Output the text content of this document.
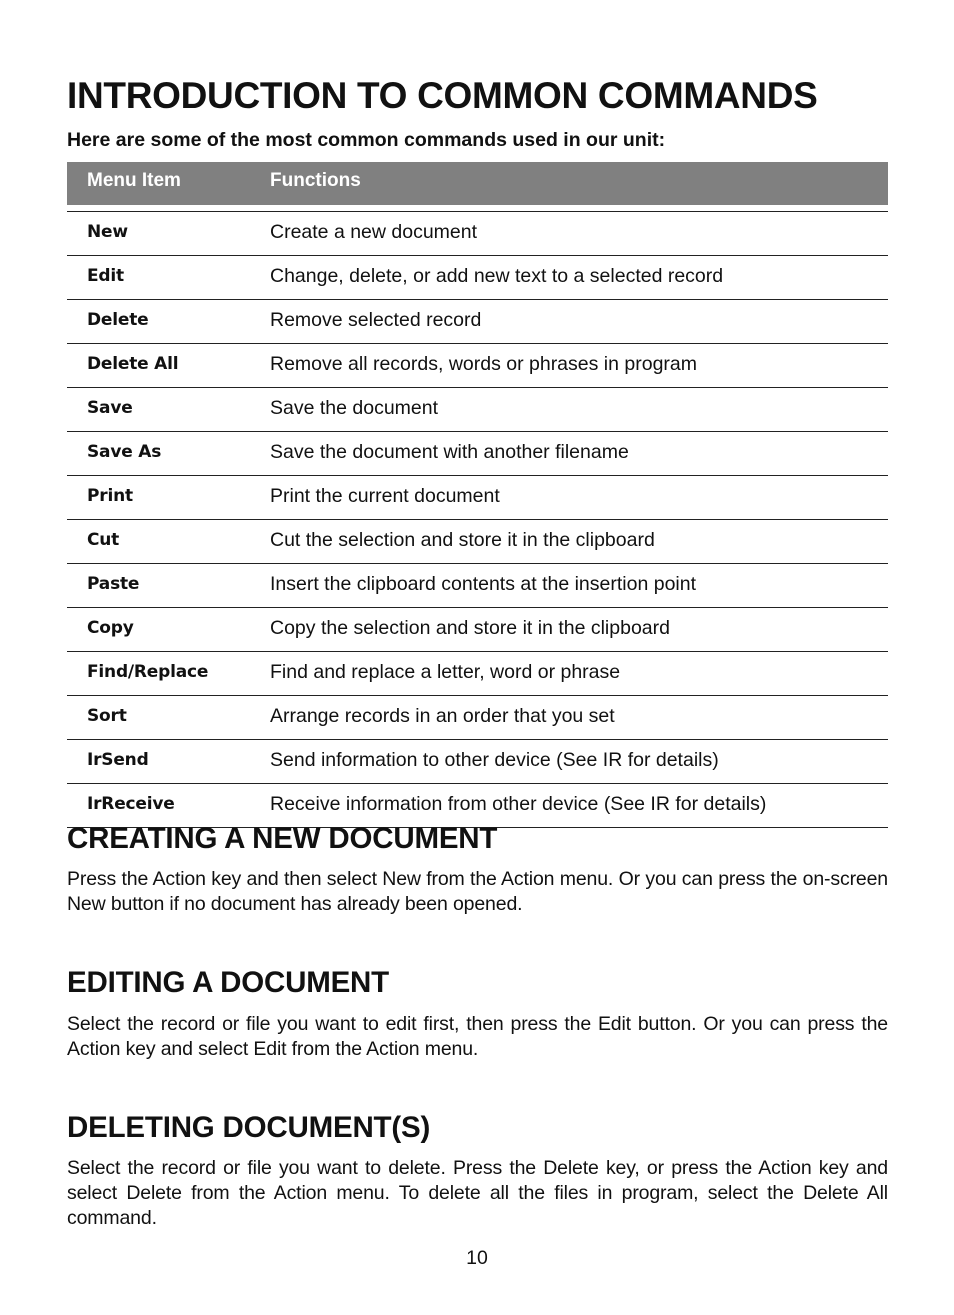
INTRODUCTION TO COMMON COMMANDS

Here are some of the most common commands used in our unit:

Menu Item	Functions

New	Create a new document
Edit	Change, delete, or add new text to a selected record
Delete	Remove selected record
Delete All	Remove all records, words or phrases in program
Save	Save the document
Save As	Save the document with another filename
Print	Print the current document
Cut	Cut the selection and store it in the clipboard
Paste	Insert the clipboard contents at the insertion point
Copy	Copy the selection and store it in the clipboard
Find/Replace	Find and replace a letter, word or phrase
Sort	Arrange records in an order that you set
IrSend	Send information to other device (See IR for details)
IrReceive	Receive information from other device (See IR for details)
CREATING A NEW DOCUMENT

Press the Action key and then select New from the Action menu. Or you can press the on-screen New button if no document has already been opened.

EDITING A DOCUMENT

Select the record or file you want to edit first, then press the Edit button. Or you can press the Action key and select Edit from the Action menu.

DELETING DOCUMENT(S)

Select the record or file you want to delete. Press the Delete key, or press the Action key and select Delete from the Action menu. To delete all the files in program, select the Delete All command.

10
